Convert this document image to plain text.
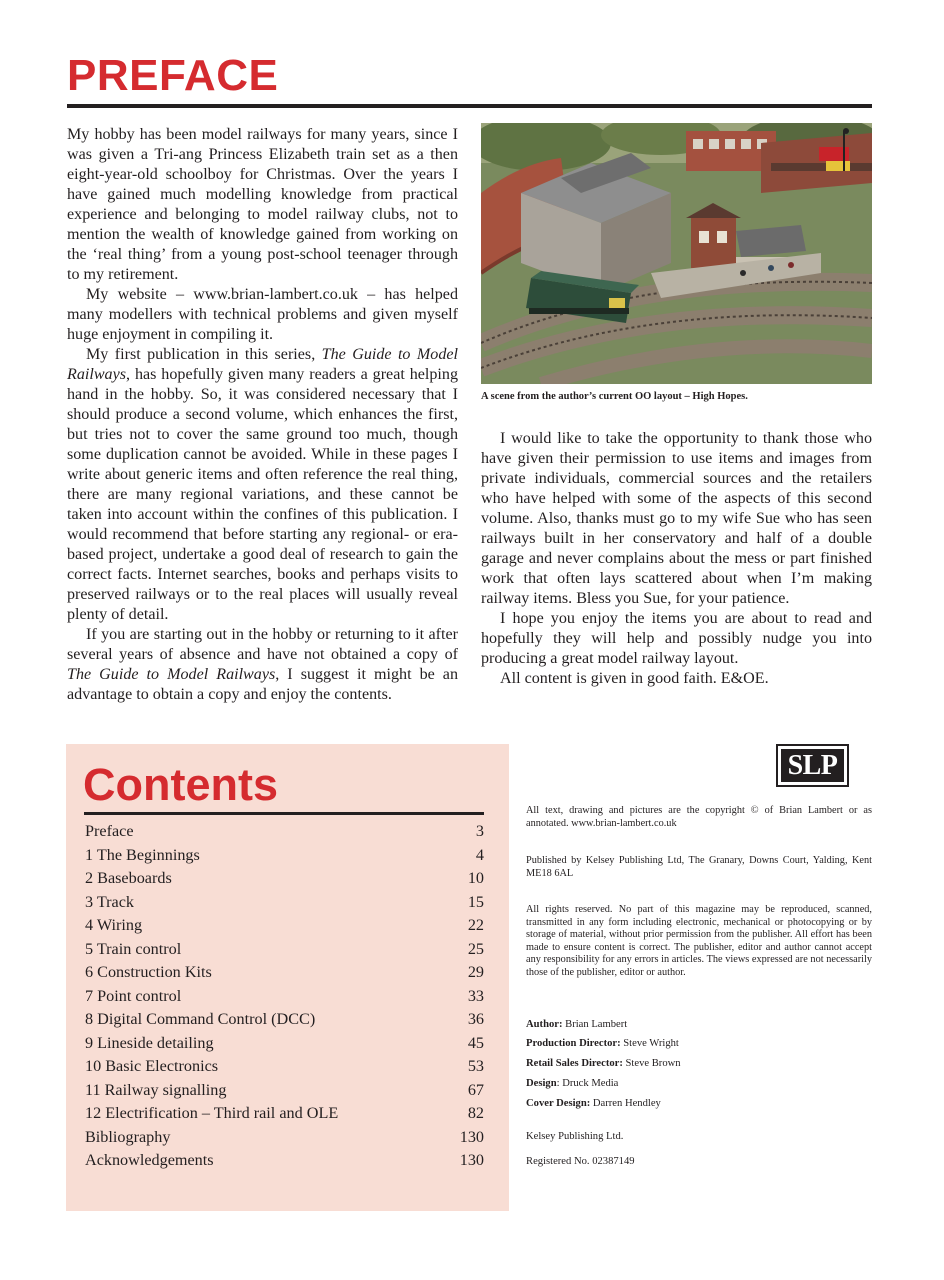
PREFACE

My hobby has been model railways for many years, since I was given a Tri-ang Princess Elizabeth train set as a then eight-year-old schoolboy for Christmas. Over the years I have gained much modelling knowledge from practical experience and belonging to model railway clubs, not to mention the wealth of knowledge gained from working on the ‘real thing’ from a young post-school teenager through to my retirement.

My website – www.brian-lambert.co.uk – has helped many modellers with technical problems and given myself huge enjoyment in compiling it.

My first publication in this series, The Guide to Model Railways, has hopefully given many readers a great helping hand in the hobby. So, it was considered necessary that I should produce a second volume, which enhances the first, but tries not to cover the same ground too much, though some duplication cannot be avoided. While in these pages I write about generic items and often reference the real thing, there are many regional variations, and these cannot be taken into account within the confines of this publication. I would recommend that before starting any regional- or era-based project, undertake a good deal of research to gain the correct facts. Internet searches, books and perhaps visits to preserved railways or to the real places will usually reveal plenty of detail.

If you are starting out in the hobby or returning to it after several years of absence and have not obtained a copy of The Guide to Model Railways, I suggest it might be an advantage to obtain a copy and enjoy the contents.

A scene from the author’s current OO layout – High Hopes.

I would like to take the opportunity to thank those who have given their permission to use items and images from private individuals, commercial sources and the retailers who have helped with some of the aspects of this second volume. Also, thanks must go to my wife Sue who has seen railways built in her conservatory and half of a double garage and never complains about the mess or part finished work that often lays scattered about when I’m making railway items. Bless you Sue, for your patience.

I hope you enjoy the items you are about to read and hopefully they will help and possibly nudge you into producing a great model railway layout.

All content is given in good faith. E&OE.

Contents
Preface	3
1 The Beginnings	4
2 Baseboards	10
3 Track	15
4 Wiring	22
5 Train control	25
6 Construction Kits	29
7 Point control	33
8 Digital Command Control (DCC)	36
9 Lineside detailing	45
10 Basic Electronics	53
11 Railway signalling	67
12 Electrification – Third rail and OLE	82
Bibliography	130
Acknowledgements	130
SLP

All text, drawing and pictures are the copyright © of Brian Lambert or as annotated. www.brian-lambert.co.uk

Published by Kelsey Publishing Ltd, The Granary, Downs Court, Yalding, Kent ME18 6AL

All rights reserved. No part of this magazine may be reproduced, scanned, transmitted in any form including electronic, mechanical or photocopying or by storage of material, without prior permission from the publisher. All effort has been made to ensure content is correct. The publisher, editor and author cannot accept any responsibility for any errors in articles. The views expressed are not necessarily those of the publisher, editor or author.

Author: Brian Lambert
Production Director: Steve Wright
Retail Sales Director: Steve Brown
Design: Druck Media
Cover Design: Darren Hendley
Kelsey Publishing Ltd.
Registered No. 02387149
